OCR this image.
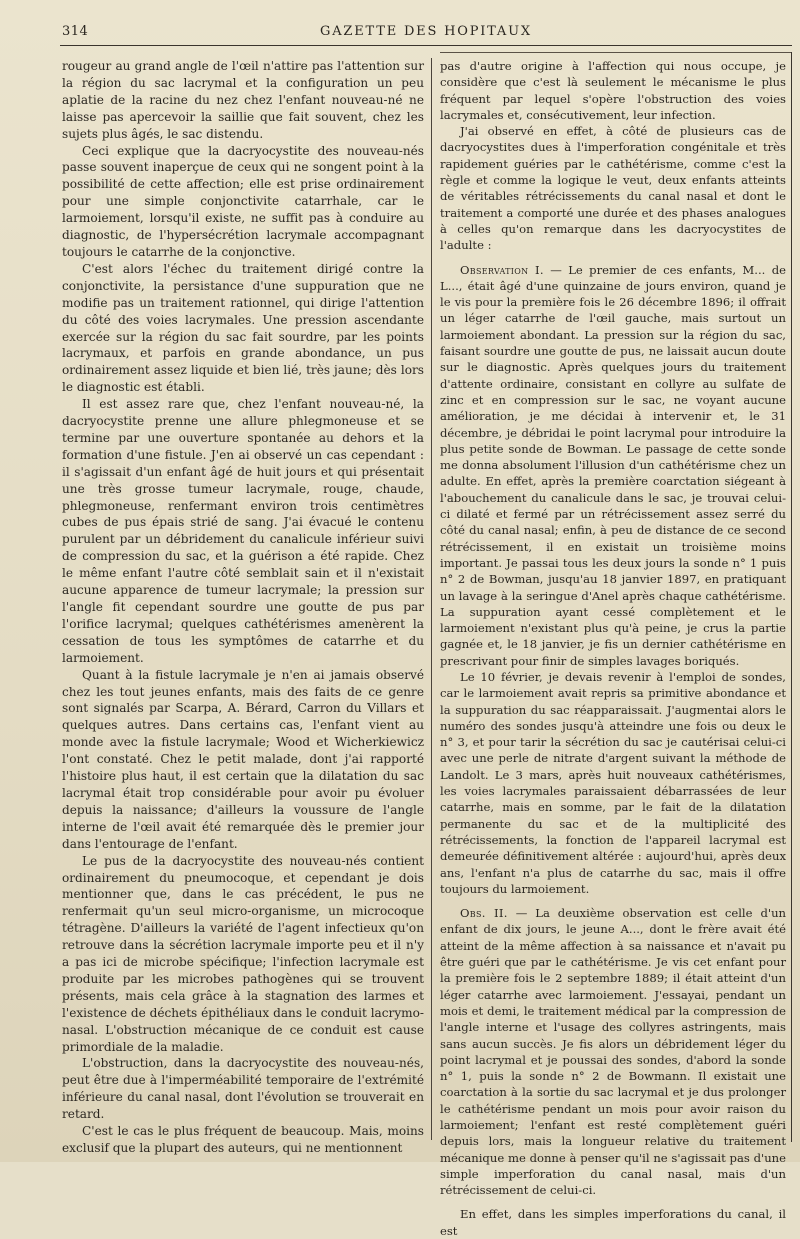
314	GAZETTE DES HOPITAUX

rougeur au grand angle de l'œil n'attire pas l'attention sur la région du sac lacrymal et la configuration un peu aplatie de la racine du nez chez l'enfant nouveau-né ne laisse pas apercevoir la saillie que fait souvent, chez les sujets plus âgés, le sac distendu.

Ceci explique que la dacryocystite des nouveau-nés passe souvent inaperçue de ceux qui ne songent point à la possibilité de cette affection; elle est prise ordinairement pour une simple conjonctivite catarrhale, car le larmoiement, lorsqu'il existe, ne suffit pas à conduire au diagnostic, de l'hypersécrétion lacrymale accompagnant toujours le catarrhe de la conjonctive.

C'est alors l'échec du traitement dirigé contre la conjonctivite, la persistance d'une suppuration que ne modifie pas un traitement rationnel, qui dirige l'attention du côté des voies lacrymales. Une pression ascendante exercée sur la région du sac fait sourdre, par les points lacrymaux, et parfois en grande abondance, un pus ordinairement assez liquide et bien lié, très jaune; dès lors le diagnostic est établi.

Il est assez rare que, chez l'enfant nouveau-né, la dacryocystite prenne une allure phlegmoneuse et se termine par une ouverture spontanée au dehors et la formation d'une fistule. J'en ai observé un cas cependant : il s'agissait d'un enfant âgé de huit jours et qui présentait une très grosse tumeur lacrymale, rouge, chaude, phlegmoneuse, renfermant environ trois centimètres cubes de pus épais strié de sang. J'ai évacué le contenu purulent par un débridement du canalicule inférieur suivi de compression du sac, et la guérison a été rapide. Chez le même enfant l'autre côté semblait sain et il n'existait aucune apparence de tumeur lacrymale; la pression sur l'angle fit cependant sourdre une goutte de pus par l'orifice lacrymal; quelques cathétérismes amenèrent la cessation de tous les symptômes de catarrhe et du larmoiement.

Quant à la fistule lacrymale je n'en ai jamais observé chez les tout jeunes enfants, mais des faits de ce genre sont signalés par Scarpa, A. Bérard, Carron du Villars et quelques autres. Dans certains cas, l'enfant vient au monde avec la fistule lacrymale; Wood et Wicherkiewicz l'ont constaté. Chez le petit malade, dont j'ai rapporté l'histoire plus haut, il est certain que la dilatation du sac lacrymal était trop considérable pour avoir pu évoluer depuis la naissance; d'ailleurs la voussure de l'angle interne de l'œil avait été remarquée dès le premier jour dans l'entourage de l'enfant.

Le pus de la dacryocystite des nouveau-nés contient ordinairement du pneumocoque, et cependant je dois mentionner que, dans le cas précédent, le pus ne renfermait qu'un seul micro-organisme, un microcoque tétragène. D'ailleurs la variété de l'agent infectieux qu'on retrouve dans la sécrétion lacrymale importe peu et il n'y a pas ici de microbe spécifique; l'infection lacrymale est produite par les microbes pathogènes qui se trouvent présents, mais cela grâce à la stagnation des larmes et l'existence de déchets épithéliaux dans le conduit lacrymo-nasal. L'obstruction mécanique de ce conduit est cause primordiale de la maladie.

L'obstruction, dans la dacryocystite des nouveau-nés, peut être due à l'imperméabilité temporaire de l'extrémité inférieure du canal nasal, dont l'évolution se trouverait en retard.

C'est le cas le plus fréquent de beaucoup. Mais, moins exclusif que la plupart des auteurs, qui ne mentionnent

pas d'autre origine à l'affection qui nous occupe, je considère que c'est là seulement le mécanisme le plus fréquent par lequel s'opère l'obstruction des voies lacrymales et, consécutivement, leur infection.

J'ai observé en effet, à côté de plusieurs cas de dacryocystites dues à l'imperforation congénitale et très rapidement guéries par le cathétérisme, comme c'est la règle et comme la logique le veut, deux enfants atteints de véritables rétrécissements du canal nasal et dont le traitement a comporté une durée et des phases analogues à celles qu'on remarque dans les dacryocystites de l'adulte :

Observation I. — Le premier de ces enfants, M... de L..., était âgé d'une quinzaine de jours environ, quand je le vis pour la première fois le 26 décembre 1896; il offrait un léger catarrhe de l'œil gauche, mais surtout un larmoiement abondant. La pression sur la région du sac, faisant sourdre une goutte de pus, ne laissait aucun doute sur le diagnostic. Après quelques jours du traitement d'attente ordinaire, consistant en collyre au sulfate de zinc et en compression sur le sac, ne voyant aucune amélioration, je me décidai à intervenir et, le 31 décembre, je débridai le point lacrymal pour introduire la plus petite sonde de Bowman. Le passage de cette sonde me donna absolument l'illusion d'un cathétérisme chez un adulte. En effet, après la première coarctation siégeant à l'abouchement du canalicule dans le sac, je trouvai celui-ci dilaté et fermé par un rétrécissement assez serré du côté du canal nasal; enfin, à peu de distance de ce second rétrécissement, il en existait un troisième moins important. Je passai tous les deux jours la sonde n° 1 puis n° 2 de Bowman, jusqu'au 18 janvier 1897, en pratiquant un lavage à la seringue d'Anel après chaque cathétérisme. La suppuration ayant cessé complètement et le larmoiement n'existant plus qu'à peine, je crus la partie gagnée et, le 18 janvier, je fis un dernier cathétérisme en prescrivant pour finir de simples lavages boriqués.

Le 10 février, je devais revenir à l'emploi de sondes, car le larmoiement avait repris sa primitive abondance et la suppuration du sac réapparaissait. J'augmentai alors le numéro des sondes jusqu'à atteindre une fois ou deux le n° 3, et pour tarir la sécrétion du sac je cautérisai celui-ci avec une perle de nitrate d'argent suivant la méthode de Landolt. Le 3 mars, après huit nouveaux cathétérismes, les voies lacrymales paraissaient débarrassées de leur catarrhe, mais en somme, par le fait de la dilatation permanente du sac et de la multiplicité des rétrécissements, la fonction de l'appareil lacrymal est demeurée définitivement altérée : aujourd'hui, après deux ans, l'enfant n'a plus de catarrhe du sac, mais il offre toujours du larmoiement.

Obs. II. — La deuxième observation est celle d'un enfant de dix jours, le jeune A..., dont le frère avait été atteint de la même affection à sa naissance et n'avait pu être guéri que par le cathétérisme. Je vis cet enfant pour la première fois le 2 septembre 1889; il était atteint d'un léger catarrhe avec larmoiement. J'essayai, pendant un mois et demi, le traitement médical par la compression de l'angle interne et l'usage des collyres astringents, mais sans aucun succès. Je fis alors un débridement léger du point lacrymal et je poussai des sondes, d'abord la sonde n° 1, puis la sonde n° 2 de Bowmann. Il existait une coarctation à la sortie du sac lacrymal et je dus prolonger le cathétérisme pendant un mois pour avoir raison du larmoiement; l'enfant est resté complètement guéri depuis lors, mais la longueur relative du traitement mécanique me donne à penser qu'il ne s'agissait pas d'une simple imperforation du canal nasal, mais d'un rétrécissement de celui-ci.

En effet, dans les simples imperforations du canal, il est
